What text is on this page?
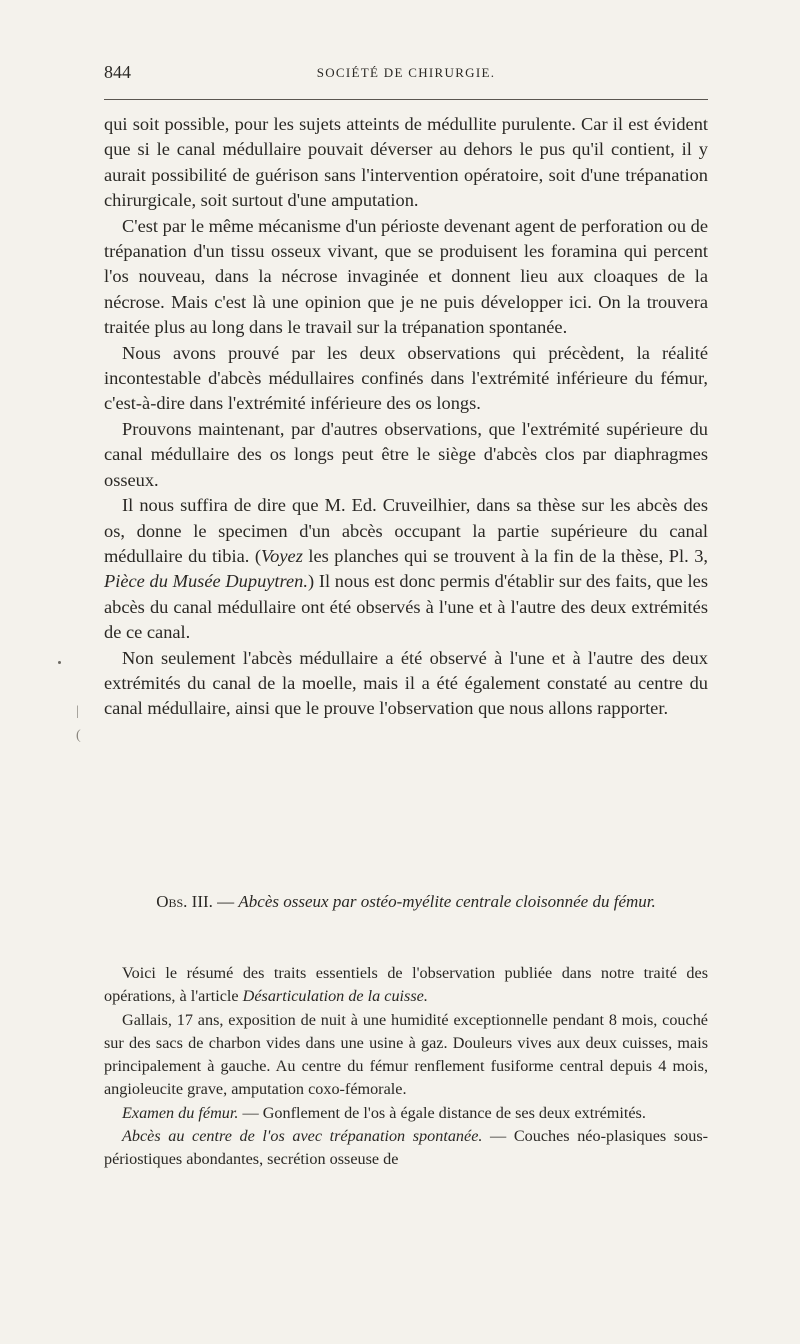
844	SOCIÉTÉ DE CHIRURGIE.

qui soit possible, pour les sujets atteints de médullite purulente. Car il est évident que si le canal médullaire pouvait déverser au dehors le pus qu'il contient, il y aurait possibilité de guérison sans l'intervention opératoire, soit d'une trépanation chirurgicale, soit surtout d'une amputation.

C'est par le même mécanisme d'un périoste devenant agent de perforation ou de trépanation d'un tissu osseux vivant, que se produisent les foramina qui percent l'os nouveau, dans la nécrose invaginée et donnent lieu aux cloaques de la nécrose. Mais c'est là une opinion que je ne puis développer ici. On la trouvera traitée plus au long dans le travail sur la trépanation spontanée.

Nous avons prouvé par les deux observations qui précèdent, la réalité incontestable d'abcès médullaires confinés dans l'extrémité inférieure du fémur, c'est-à-dire dans l'extrémité inférieure des os longs.

Prouvons maintenant, par d'autres observations, que l'extrémité supérieure du canal médullaire des os longs peut être le siège d'abcès clos par diaphragmes osseux.

Il nous suffira de dire que M. Ed. Cruveilhier, dans sa thèse sur les abcès des os, donne le specimen d'un abcès occupant la partie supérieure du canal médullaire du tibia. (Voyez les planches qui se trouvent à la fin de la thèse, Pl. 3, Pièce du Musée Dupuytren.) Il nous est donc permis d'établir sur des faits, que les abcès du canal médullaire ont été observés à l'une et à l'autre des deux extrémités de ce canal.

Non seulement l'abcès médullaire a été observé à l'une et à l'autre des deux extrémités du canal de la moelle, mais il a été également constaté au centre du canal médullaire, ainsi que le prouve l'observation que nous allons rapporter.

Obs. III. — Abcès osseux par ostéo-myélite centrale cloisonnée du fémur.

Voici le résumé des traits essentiels de l'observation publiée dans notre traité des opérations, à l'article Désarticulation de la cuisse.

Gallais, 17 ans, exposition de nuit à une humidité exceptionnelle pendant 8 mois, couché sur des sacs de charbon vides dans une usine à gaz. Douleurs vives aux deux cuisses, mais principalement à gauche. Au centre du fémur renflement fusiforme central depuis 4 mois, angioleucite grave, amputation coxo-fémorale.

Examen du fémur. — Gonflement de l'os à égale distance de ses deux extrémités.

Abcès au centre de l'os avec trépanation spontanée. — Couches néo-plasiques sous-périostiques abondantes, secrétion osseuse de

|
(
